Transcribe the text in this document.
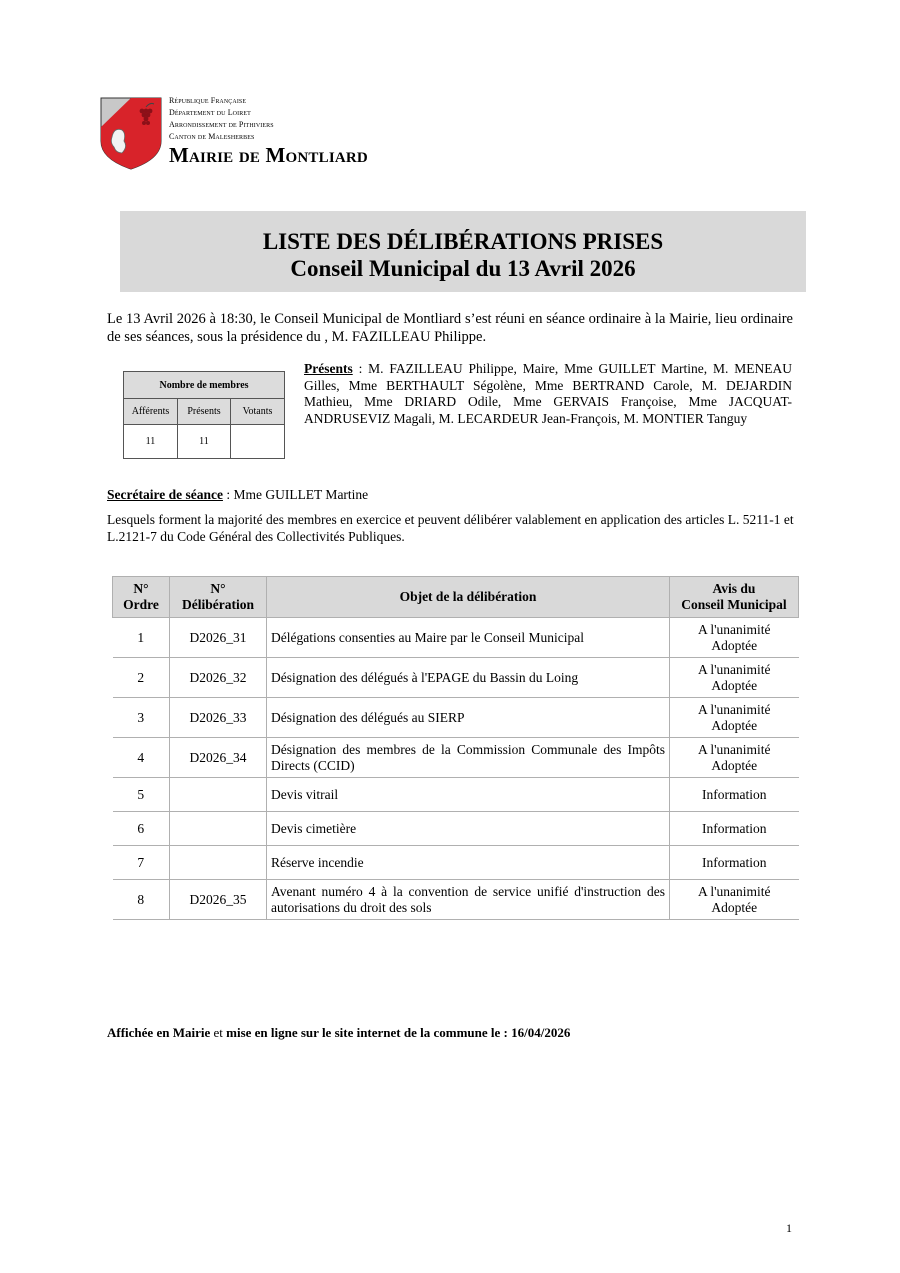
République Française
Département du Loiret
Arrondissement de Pithiviers
Canton de Malesherbes
Mairie de Montliard
LISTE DES DÉLIBÉRATIONS PRISES
Conseil Municipal du 13 Avril 2026
Le 13 Avril 2026 à 18:30, le Conseil Municipal de Montliard s’est réuni en séance ordinaire à la Mairie, lieu ordinaire de ses séances, sous la présidence du , M. FAZILLEAU Philippe.
Nombre de membres		
Afférents	Présents	Votants
11	11	
Présents : M. FAZILLEAU Philippe, Maire, Mme GUILLET Martine, M. MENEAU Gilles, Mme BERTHAULT Ségolène, Mme BERTRAND Carole, M. DEJARDIN Mathieu, Mme DRIARD Odile, Mme GERVAIS Françoise, Mme JACQUAT-ANDRUSEVIZ Magali, M. LECARDEUR Jean-François, M. MONTIER Tanguy
Secrétaire de séance : Mme GUILLET Martine
Lesquels forment la majorité des membres en exercice et peuvent délibérer valablement en application des articles L. 5211-1 et L.2121-7 du Code Général des Collectivités Publiques.
N°
Ordre	N°
Délibération	Objet de la délibération	Avis du
Conseil Municipal
1	D2026_31	Délégations consenties au Maire par le Conseil Municipal	A l'unanimité
Adoptée
2	D2026_32	Désignation des délégués à l'EPAGE du Bassin du Loing	A l'unanimité
Adoptée
3	D2026_33	Désignation des délégués au SIERP	A l'unanimité
Adoptée
4	D2026_34	Désignation des membres de la Commission Communale des Impôts Directs (CCID)	A l'unanimité
Adoptée
5		Devis vitrail	Information
6		Devis cimetière	Information
7		Réserve incendie	Information
8	D2026_35	Avenant numéro 4 à la convention de service unifié d'instruction des autorisations du droit des sols	A l'unanimité
Adoptée
Affichée en Mairie et mise en ligne sur le site internet de la commune le : 16/04/2026
1
